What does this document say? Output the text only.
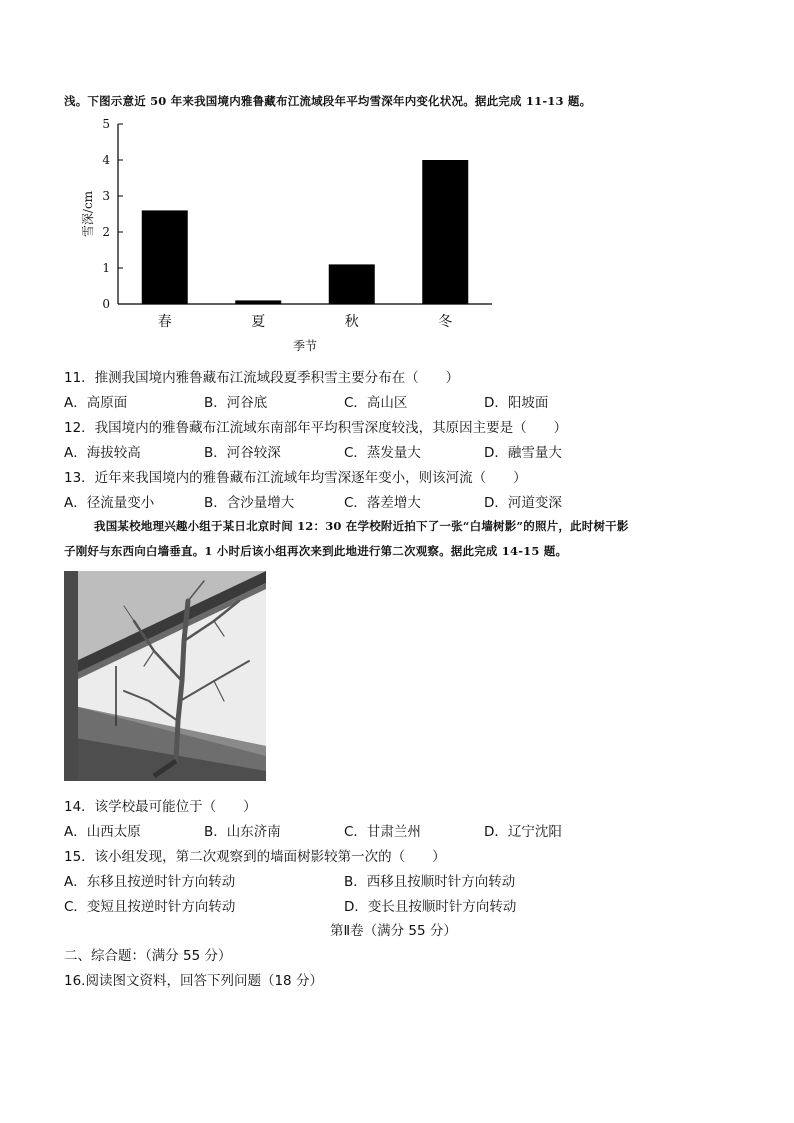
浅。下图示意近 50 年来我国境内雅鲁藏布江流域段年平均雪深年内变化状况。据此完成 11-13 题。
0
1
2
3
4
5
雪深/cm
春	夏	秋	冬
季节
11．推测我国境内雅鲁藏布江流域段夏季积雪主要分布在（　　）
A．高原面	B．河谷底	C．高山区	D．阳坡面
12．我国境内的雅鲁藏布江流域东南部年平均积雪深度较浅，其原因主要是（　　）
A．海拔较高	B．河谷较深	C．蒸发量大	D．融雪量大
13．近年来我国境内的雅鲁藏布江流域年均雪深逐年变小，则该河流（　　）
A．径流量变小	B．含沙量增大	C．落差增大	D．河道变深
我国某校地理兴趣小组于某日北京时间 12：30 在学校附近拍下了一张“白墙树影”的照片，此时树干影
子刚好与东西向白墙垂直。1 小时后该小组再次来到此地进行第二次观察。据此完成 14-15 题。
14．该学校最可能位于（　　）
A．山西太原	B．山东济南	C．甘肃兰州	D．辽宁沈阳
15．该小组发现，第二次观察到的墙面树影较第一次的（　　）
A．东移且按逆时针方向转动	B．西移且按顺时针方向转动
C．变短且按逆时针方向转动	D．变长且按顺时针方向转动
第Ⅱ卷（满分 55 分）
二、综合题：（满分 55 分）
16.阅读图文资料，回答下列问题（18 分）
